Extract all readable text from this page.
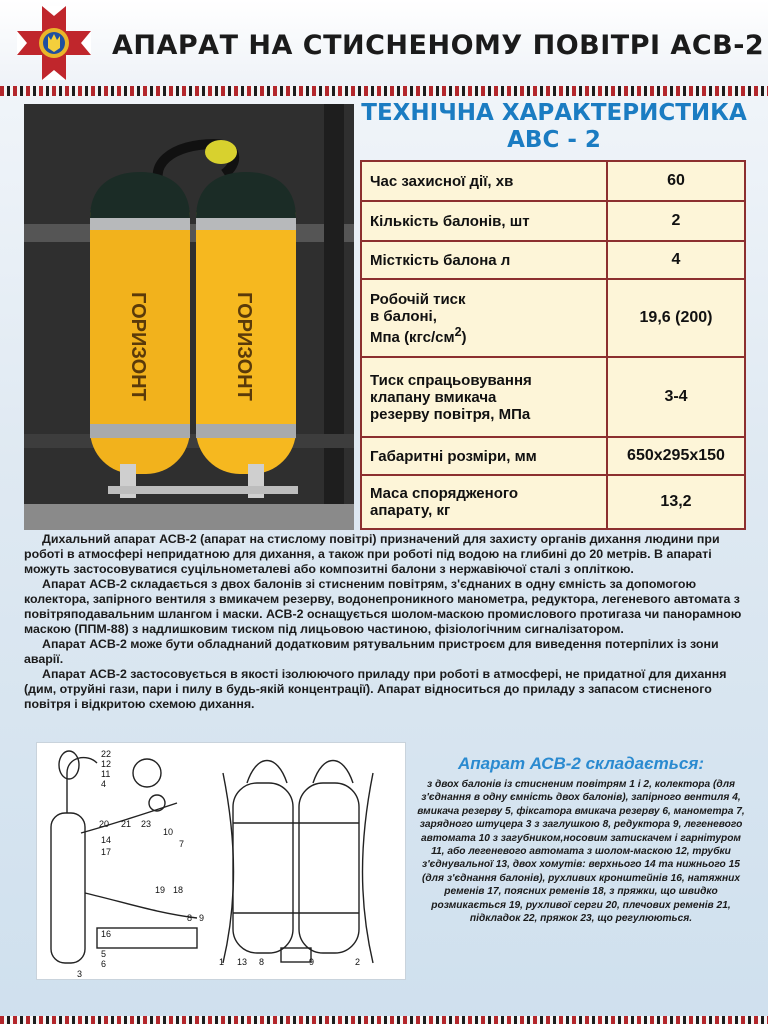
АПАРАТ НА СТИСНЕНОМУ ПОВІТРІ АСВ-2
ГОРИЗОНТ	ГОРИЗОНТ
ТЕХНІЧНА ХАРАКТЕРИСТИКА
АВС - 2
Час захисної дії, хв	60
Кількість балонів, шт	2
Місткість балона л	4

Робочій тиск
в балоні,
Мпа $(кгс/см^2)$	19,6 (200)

Тиск спрацьовування
клапану вмикача
резерву повітря, МПа	3-4
Габаритні розміри, мм	650х295х150

Маса спорядженого
апарату, кг	13,2

Дихальний апарат АСВ-2 (апарат на стислому повітрі) призначений для захисту органів дихання людини при роботі в атмосфері непридатною для дихання, а також при роботі під водою на глибині до 20 метрів. В апараті можуть застосовуватися суцільнометалеві або композитні балони з нержавіючої сталі з опліткою.

Апарат АСВ-2 складається з двох балонів зі стисненим повітрям, з'єднаних в одну ємність за допомогою колектора, запірного вентиля з вмикачем резерву, водонепроникного манометра, редуктора, легеневого автомата з повітряподавальним шлангом і маски. АСВ-2 оснащується шолом-маскою промислового протигаза чи панорамною маскою (ППМ-88) з надлишковим тиском під лицьовою частиною, фізіологічним сигналізатором.

Апарат АСВ-2 може бути обладнаний додатковим рятувальним пристроєм для виведення потерпілих із зони аварії.

Апарат АСВ-2 застосовується в якості ізолюючого приладу при роботі в атмосфері, не придатної для дихання (дим, отруйні гази, пари і пилу в будь-якій концентрації). Апарат відноситься до приладу з запасом стисненого повітря і відкритою схемою дихання.

22
12
11
4
20 21 23
14
17
16
5
6
19 18
7
10
8 9
3
1 13 8	9	2
Апарат АСВ-2 складається:
з двох балонів із стисненим повітрям 1 і 2, колектора (для з'єднання в одну ємність двох балонів), запірного вентиля 4, вмикача резерву 5, фіксатора вмикача резерву 6, манометра 7, зарядного штуцера 3 з заглушкою 8, редуктора 9, легеневого автомата 10 з загубником,носовим затискачем і гарнітуром 11, або легеневого автомата з шолом-маскою 12, трубки з'єднувальної 13, двох хомутів: верхнього 14 та нижнього 15 (для з'єднання балонів), рухливих кронштейнів 16, натяжних ременів 17, поясних ременів 18, з пряжки, що швидко розмикається 19, рухливої серги 20, плечових ременів 21, підкладок 22, пряжок 23, що регулюються.
